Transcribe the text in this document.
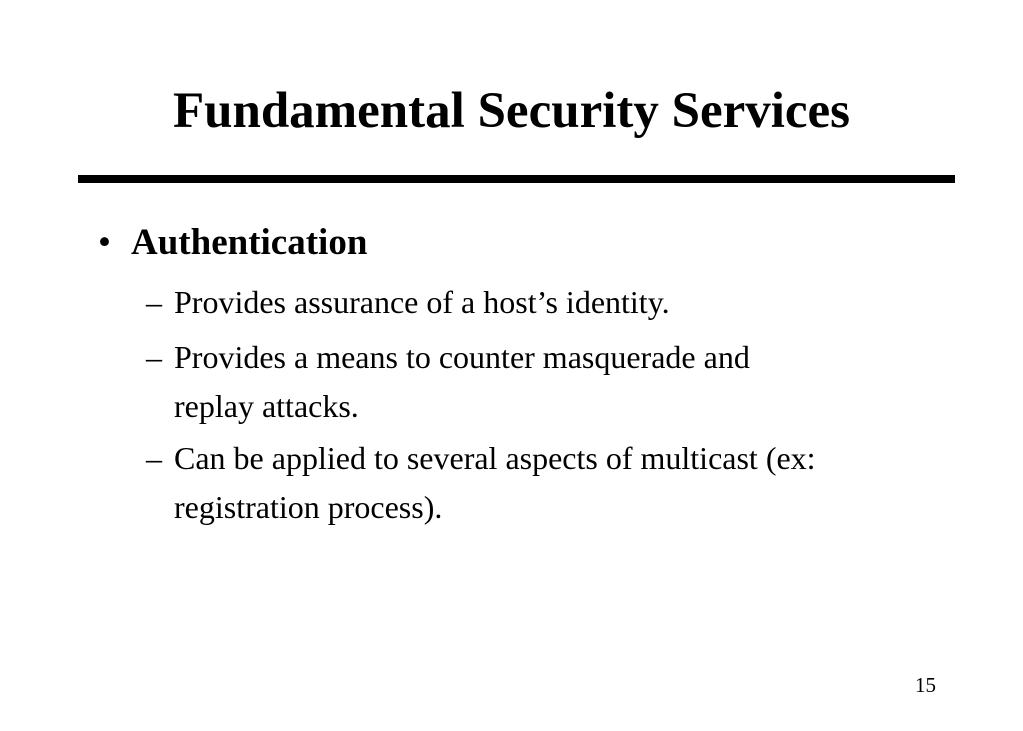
Fundamental Security Services
• Authentication
– Provides assurance of a host’s identity.
– Provides a means to counter masquerade and
replay attacks.
– Can be applied to several aspects of multicast (ex:
registration process).
15
